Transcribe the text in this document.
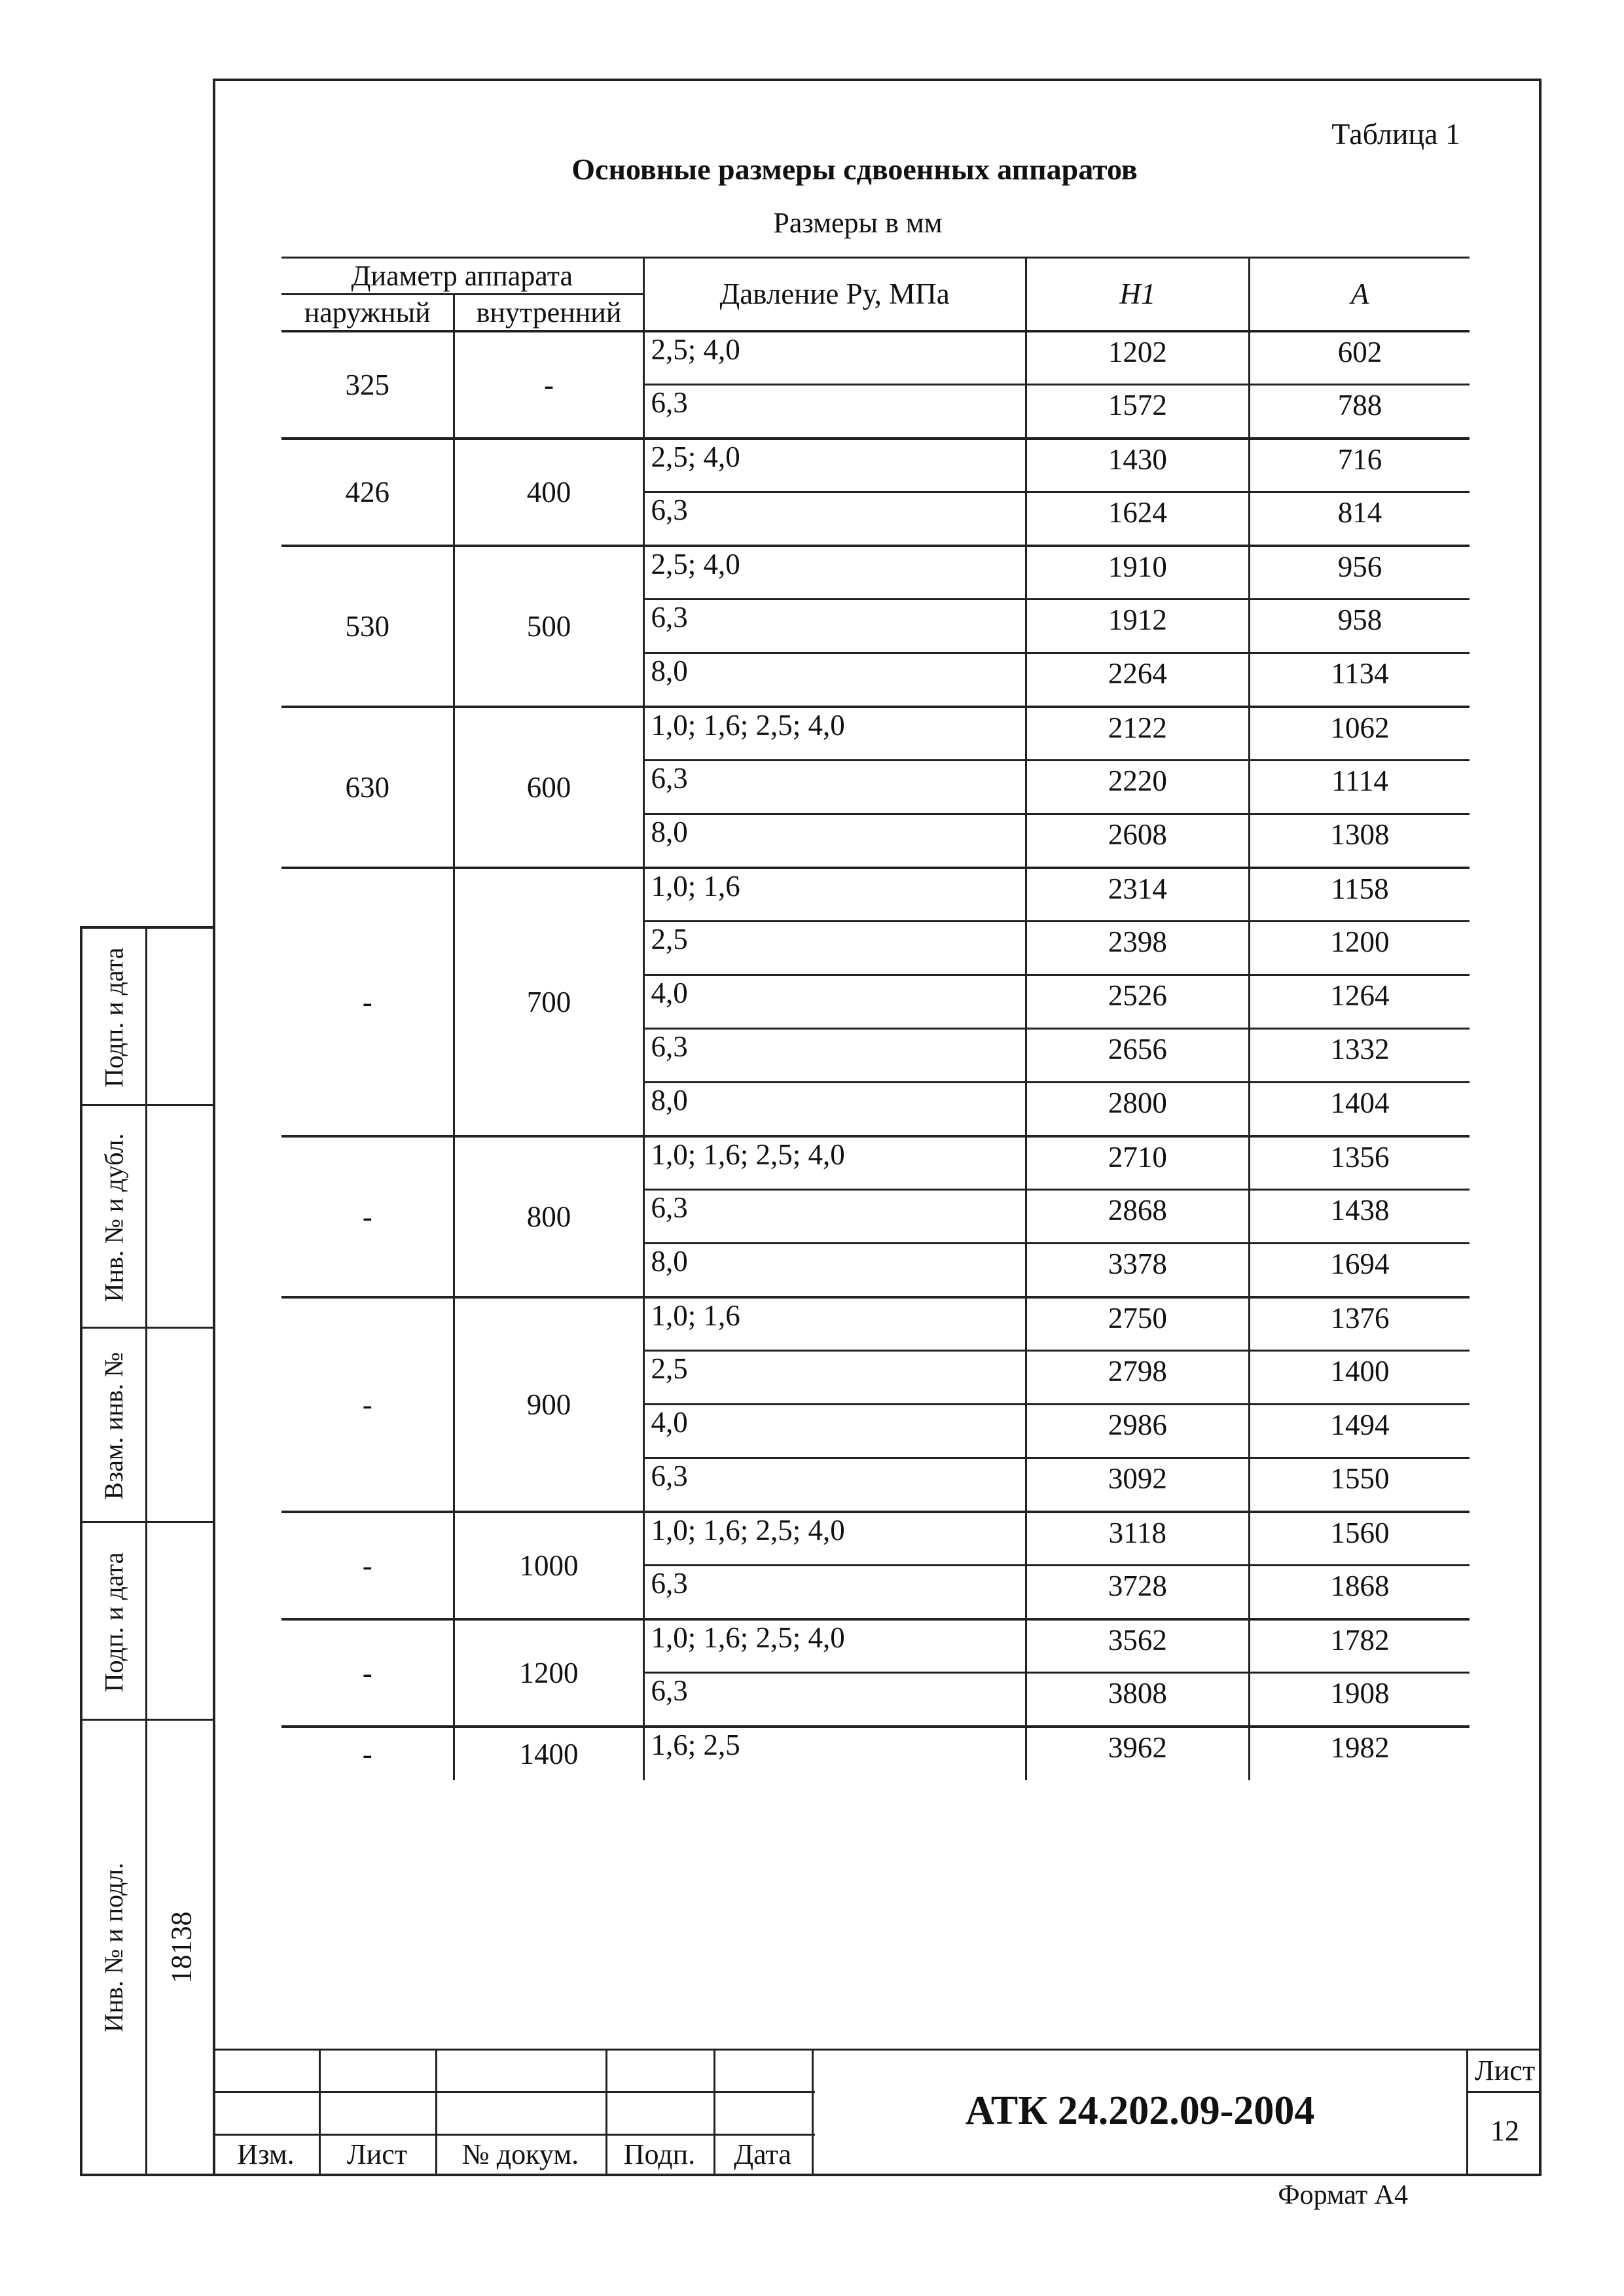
Таблица 1
Основные размеры сдвоенных аппаратов
Размеры в мм
Диаметр аппарата		Давление Ру, МПа	H1	A
наружный	внутренний			
325	-	2,5; 4,0	1202	602
		6,3	1572	788
426	400	2,5; 4,0	1430	716
		6,3	1624	814
530	500	2,5; 4,0	1910	956
		6,3	1912	958
		8,0	2264	1134
630	600	1,0; 1,6; 2,5; 4,0	2122	1062
		6,3	2220	1114
		8,0	2608	1308
-	700	1,0; 1,6	2314	1158
		2,5	2398	1200
		4,0	2526	1264
		6,3	2656	1332
		8,0	2800	1404
-	800	1,0; 1,6; 2,5; 4,0	2710	1356
		6,3	2868	1438
		8,0	3378	1694
-	900	1,0; 1,6	2750	1376
		2,5	2798	1400
		4,0	2986	1494
		6,3	3092	1550
-	1000	1,0; 1,6; 2,5; 4,0	3118	1560
		6,3	3728	1868
-	1200	1,0; 1,6; 2,5; 4,0	3562	1782
		6,3	3808	1908
-	1400	1,6; 2,5	3962	1982
Подп. и дата
Инв. № и дубл.
Взам. инв. №
Подп. и дата
Инв. № и подл. 18138
Изм.	Лист	№ докум.	Подп.	Дата
АТК 24.202.09-2004
Лист
12
Формат А4
